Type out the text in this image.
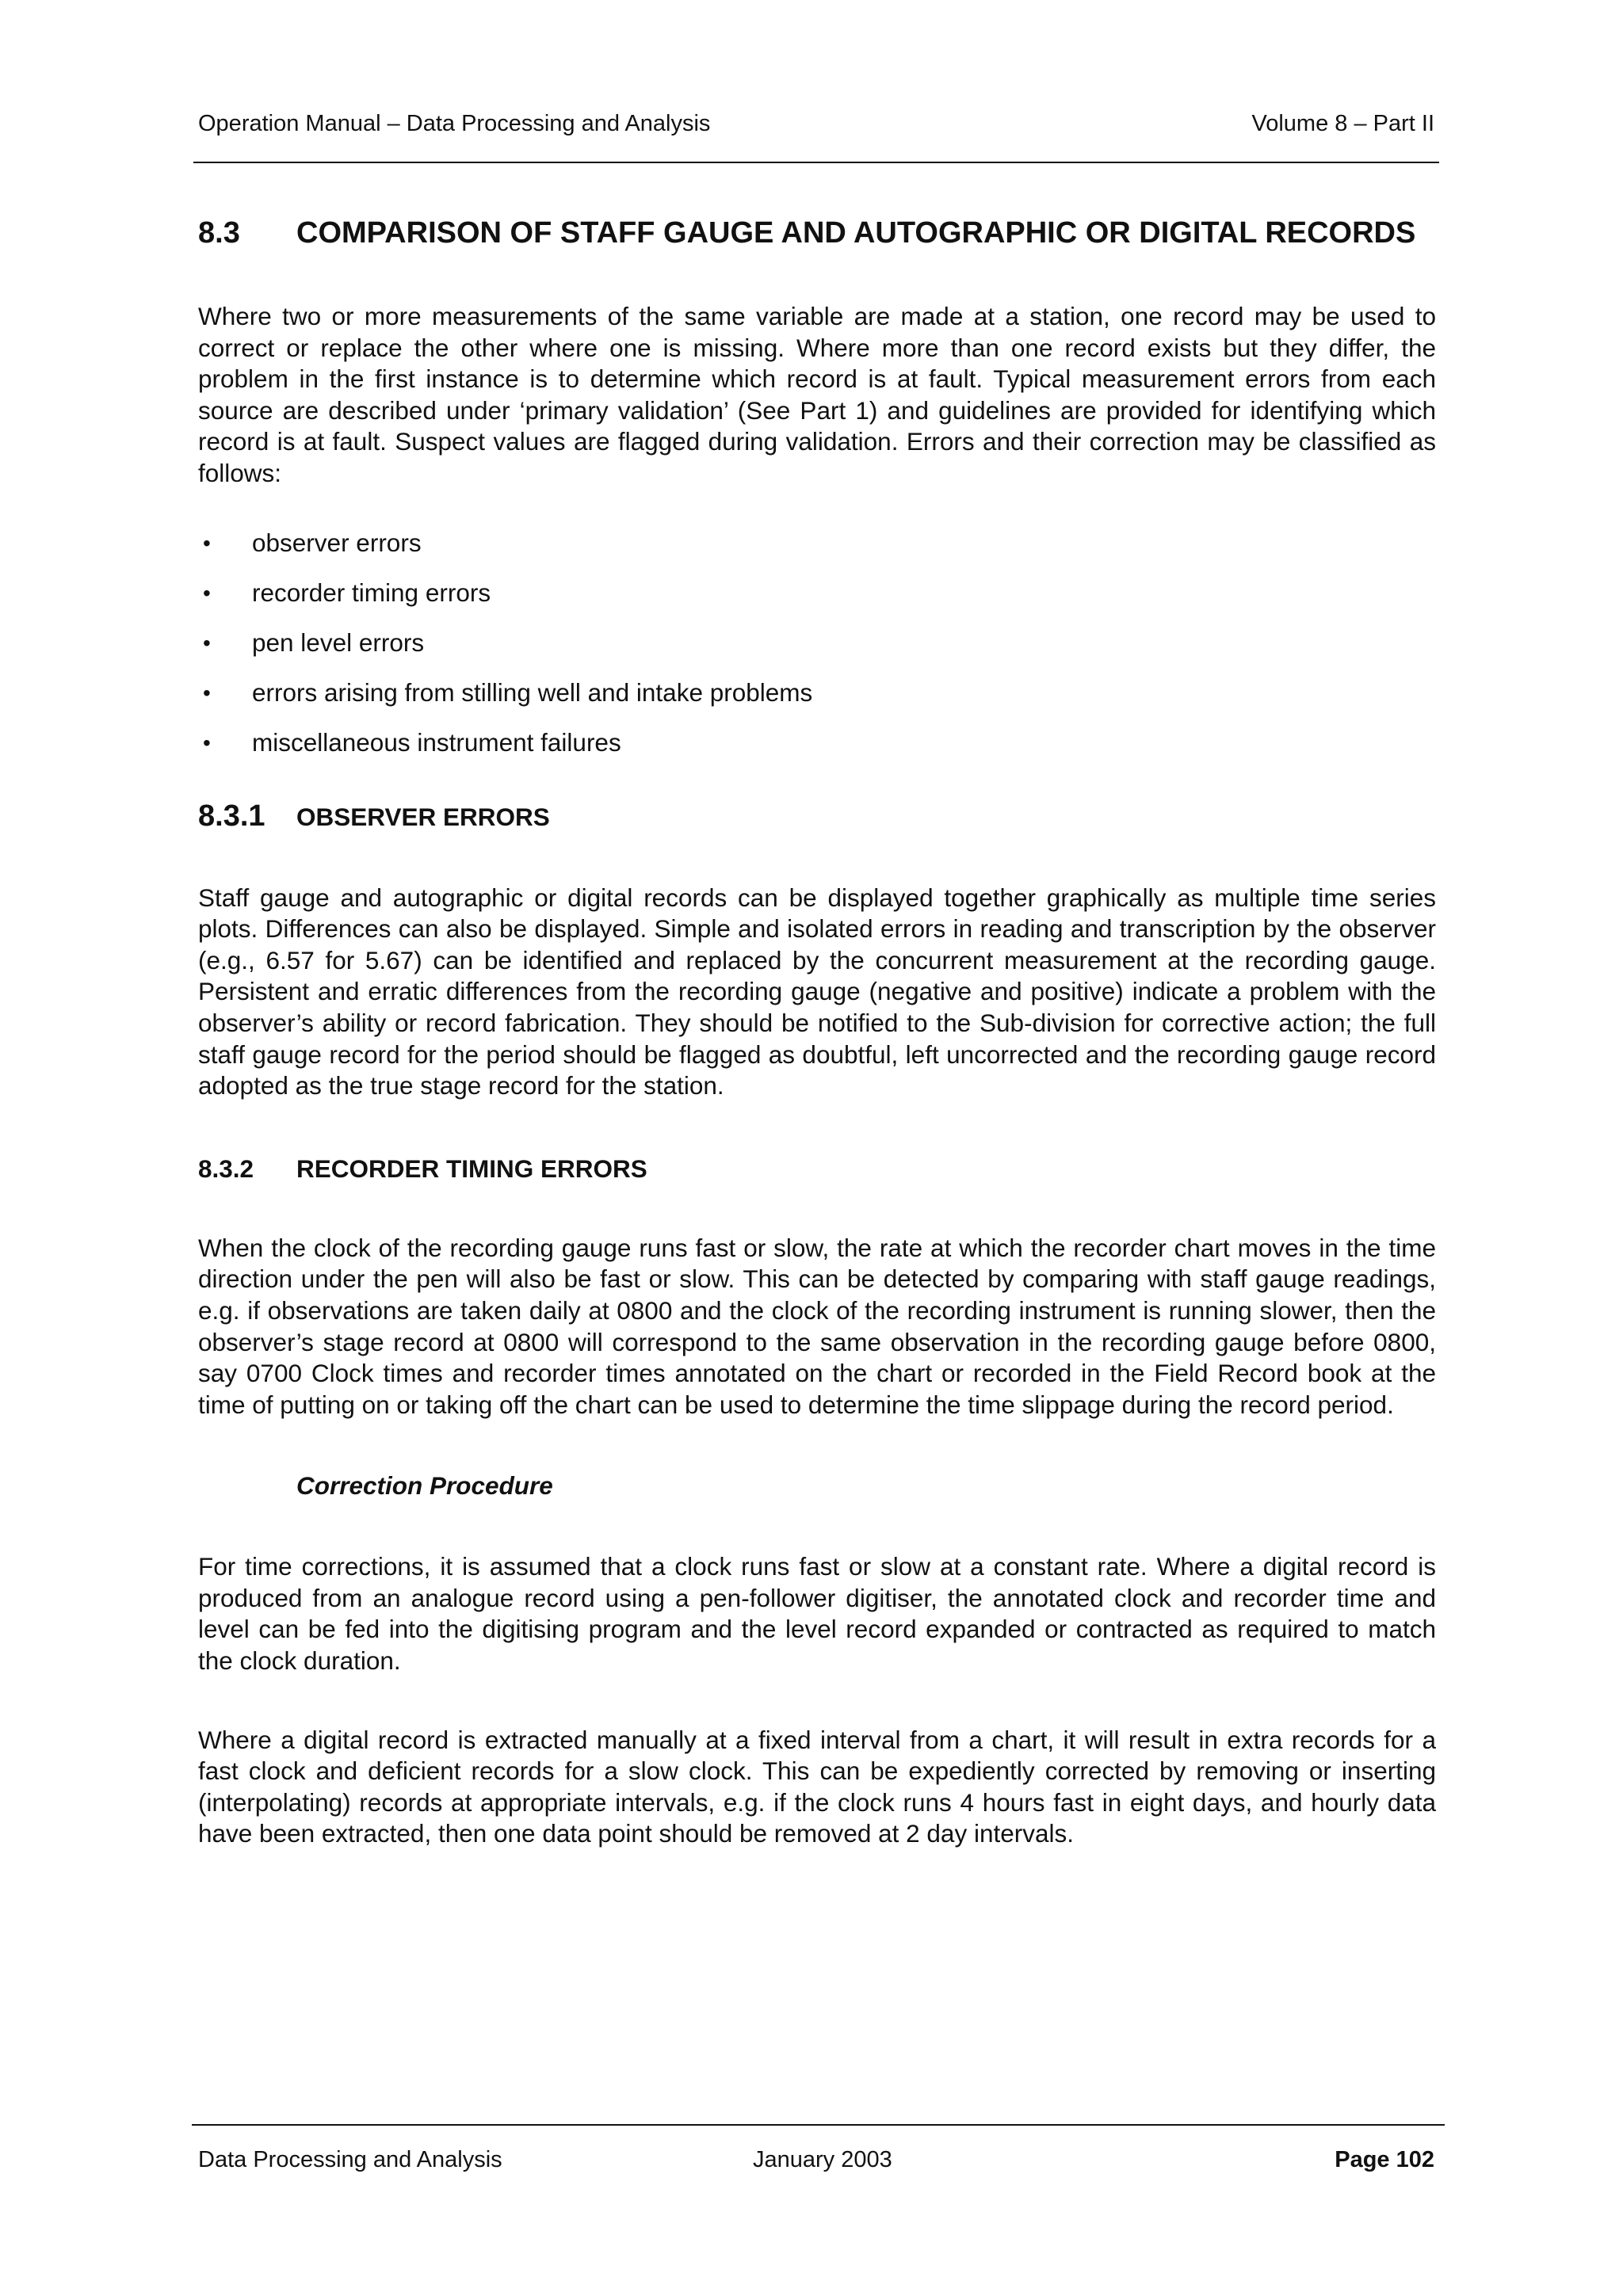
Operation Manual – Data Processing and Analysis	Volume 8 – Part II
8.3	COMPARISON OF STAFF GAUGE AND AUTOGRAPHIC OR DIGITAL RECORDS

Where two or more measurements of the same variable are made at a station, one record may be used to correct or replace the other where one is missing. Where more than one record exists but they differ, the problem in the first instance is to determine which record is at fault. Typical measurement errors from each source are described under ‘primary validation’ (See Part 1) and guidelines are provided for identifying which record is at fault. Suspect values are flagged during validation. Errors and their correction may be classified as follows:

•	observer errors
•	recorder timing errors
•	pen level errors
•	errors arising from stilling well and intake problems
•	miscellaneous instrument failures
8.3.1	OBSERVER ERRORS

Staff gauge and autographic or digital records can be displayed together graphically as multiple time series plots. Differences can also be displayed. Simple and isolated errors in reading and transcription by the observer (e.g., 6.57 for 5.67) can be identified and replaced by the concurrent measurement at the recording gauge. Persistent and erratic differences from the recording gauge (negative and positive) indicate a problem with the observer’s ability or record fabrication. They should be notified to the Sub-division for corrective action; the full staff gauge record for the period should be flagged as doubtful, left uncorrected and the recording gauge record adopted as the true stage record for the station.

8.3.2	RECORDER TIMING ERRORS

When the clock of the recording gauge runs fast or slow, the rate at which the recorder chart moves in the time direction under the pen will also be fast or slow. This can be detected by comparing with staff gauge readings, e.g. if observations are taken daily at 0800 and the clock of the recording instrument is running slower, then the observer’s stage record at 0800 will correspond to the same observation in the recording gauge before 0800, say 0700 Clock times and recorder times annotated on the chart or recorded in the Field Record book at the time of putting on or taking off the chart can be used to determine the time slippage during the record period.

Correction Procedure

For time corrections, it is assumed that a clock runs fast or slow at a constant rate. Where a digital record is produced from an analogue record using a pen-follower digitiser, the annotated clock and recorder time and level can be fed into the digitising program and the level record expanded or contracted as required to match the clock duration.

Where a digital record is extracted manually at a fixed interval from a chart, it will result in extra records for a fast clock and deficient records for a slow clock. This can be expediently corrected by removing or inserting (interpolating) records at appropriate intervals, e.g. if the clock runs 4 hours fast in eight days, and hourly data have been extracted, then one data point should be removed at 2 day intervals.

Data Processing and Analysis	January 2003	Page 102
